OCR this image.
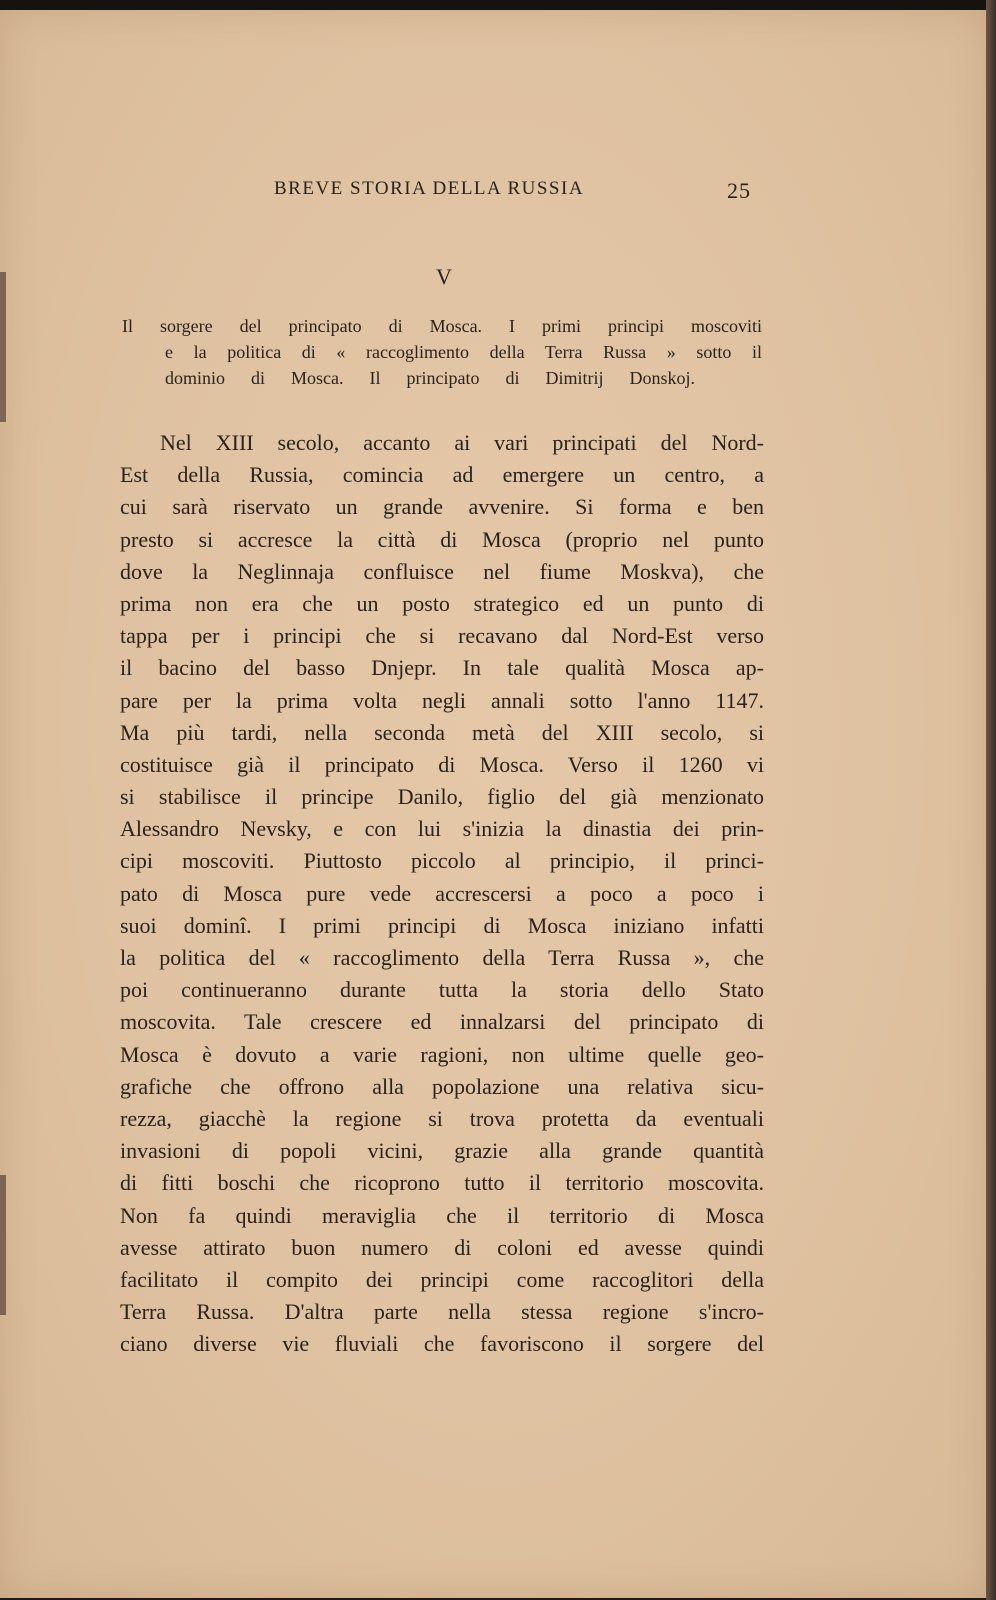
BREVE STORIA DELLA RUSSIA	25
V
Il sorgere del principato di Mosca. I primi principi moscoviti
e la politica di « raccoglimento della Terra Russa » sotto il
dominio di Mosca. Il principato di Dimitrij Donskoj.
Nel XIII secolo, accanto ai vari principati del Nord-
Est della Russia, comincia ad emergere un centro, a
cui sarà riservato un grande avvenire. Si forma e ben
presto si accresce la città di Mosca (proprio nel punto
dove la Neglinnaja confluisce nel fiume Moskva), che
prima non era che un posto strategico ed un punto di
tappa per i principi che si recavano dal Nord-Est verso
il bacino del basso Dnjepr. In tale qualità Mosca ap-
pare per la prima volta negli annali sotto l'anno 1147.
Ma più tardi, nella seconda metà del XIII secolo, si
costituisce già il principato di Mosca. Verso il 1260 vi
si stabilisce il principe Danilo, figlio del già menzionato
Alessandro Nevsky, e con lui s'inizia la dinastia dei prin-
cipi moscoviti. Piuttosto piccolo al principio, il princi-
pato di Mosca pure vede accrescersi a poco a poco i
suoi dominî. I primi principi di Mosca iniziano infatti
la politica del « raccoglimento della Terra Russa », che
poi continueranno durante tutta la storia dello Stato
moscovita. Tale crescere ed innalzarsi del principato di
Mosca è dovuto a varie ragioni, non ultime quelle geo-
grafiche che offrono alla popolazione una relativa sicu-
rezza, giacchè la regione si trova protetta da eventuali
invasioni di popoli vicini, grazie alla grande quantità
di fitti boschi che ricoprono tutto il territorio moscovita.
Non fa quindi meraviglia che il territorio di Mosca
avesse attirato buon numero di coloni ed avesse quindi
facilitato il compito dei principi come raccoglitori della
Terra Russa. D'altra parte nella stessa regione s'incro-
ciano diverse vie fluviali che favoriscono il sorgere del
